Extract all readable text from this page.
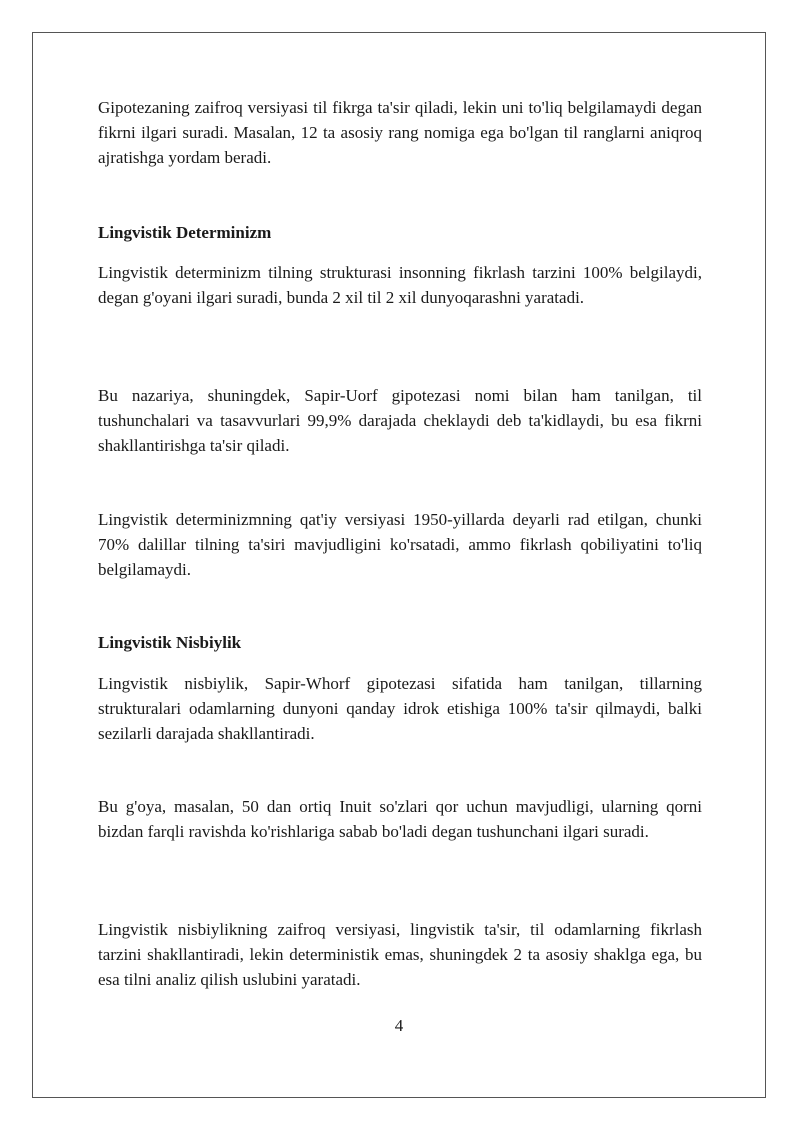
Gipotezaning zaifroq versiyasi til fikrga ta'sir qiladi, lekin uni to'liq belgilamaydi degan fikrni ilgari suradi. Masalan, 12 ta asosiy rang nomiga ega bo'lgan til ranglarni aniqroq ajratishga yordam beradi.

Lingvistik Determinizm

Lingvistik determinizm tilning strukturasi insonning fikrlash tarzini 100% belgilaydi, degan g'oyani ilgari suradi, bunda 2 xil til 2 xil dunyoqarashni yaratadi.

Bu nazariya, shuningdek, Sapir-Uorf gipotezasi nomi bilan ham tanilgan, til tushunchalari va tasavvurlari 99,9% darajada cheklaydi deb ta'kidlaydi, bu esa fikrni shakllantirishga ta'sir qiladi.

Lingvistik determinizmning qat'iy versiyasi 1950-yillarda deyarli rad etilgan, chunki 70% dalillar tilning ta'siri mavjudligini ko'rsatadi, ammo fikrlash qobiliyatini to'liq belgilamaydi.

Lingvistik Nisbiylik

Lingvistik nisbiylik, Sapir-Whorf gipotezasi sifatida ham tanilgan, tillarning strukturalari odamlarning dunyoni qanday idrok etishiga 100% ta'sir qilmaydi, balki sezilarli darajada shakllantiradi.

Bu g'oya, masalan, 50 dan ortiq Inuit so'zlari qor uchun mavjudligi, ularning qorni bizdan farqli ravishda ko'rishlariga sabab bo'ladi degan tushunchani ilgari suradi.

Lingvistik nisbiylikning zaifroq versiyasi, lingvistik ta'sir, til odamlarning fikrlash tarzini shakllantiradi, lekin deterministik emas, shuningdek 2 ta asosiy shaklga ega, bu esa tilni analiz qilish uslubini yaratadi.

4
